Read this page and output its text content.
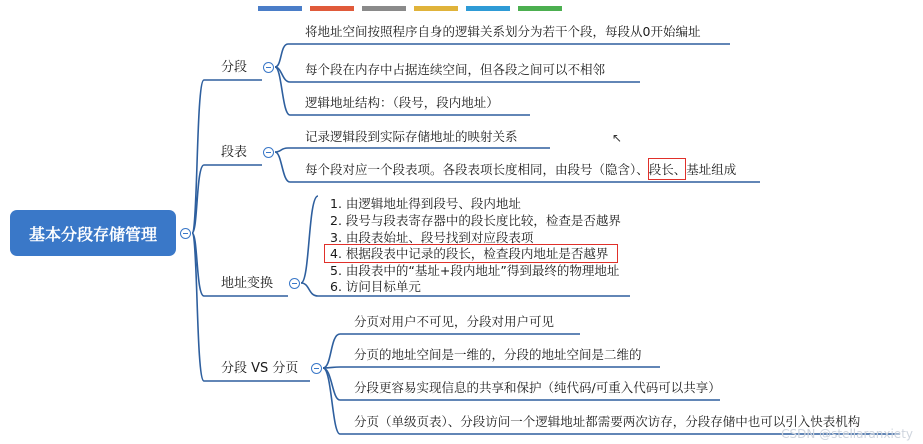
基本分段存储管理
分段
段表
地址变换
分段 VS 分页
将地址空间按照程序自身的逻辑关系划分为若干个段，每段从0开始编址
每个段在内存中占据连续空间，但各段之间可以不相邻
逻辑地址结构：（段号，段内地址）
记录逻辑段到实际存储地址的映射关系
每个段对应一个段表项。各段表项长度相同，由段号（隐含）、段长、基址组成
1. 由逻辑地址得到段号、段内地址
2. 段号与段表寄存器中的段长度比较，检查是否越界
3. 由段表始址、段号找到对应段表项
4. 根据段表中记录的段长，检查段内地址是否越界
5. 由段表中的“基址+段内地址”得到最终的物理地址
6. 访问目标单元
分页对用户不可见，分段对用户可见
分页的地址空间是一维的，分段的地址空间是二维的
分段更容易实现信息的共享和保护（纯代码/可重入代码可以共享）
分页（单级页表）、分段访问一个逻辑地址都需要两次访存，分段存储中也可以引入快表机构
↖
CSDN @stellaranxiety
